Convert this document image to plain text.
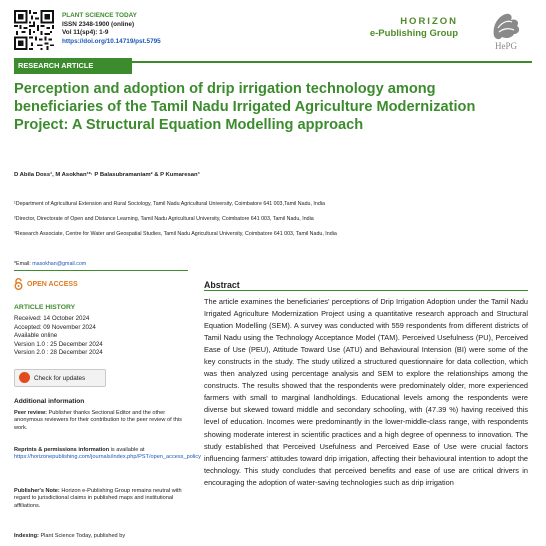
PLANT SCIENCE TODAY
ISSN 2348-1900 (online)
Vol 11(sp4): 1-9
https://doi.org/10.14719/pst.5795
HORIZON
e-Publishing Group
HePG
RESEARCH ARTICLE
Perception and adoption of drip irrigation technology among beneficiaries of the Tamil Nadu Irrigated Agriculture Modernization Project: A Structural Equation Modelling approach
D Abila Doss¹, M Asokhan¹*· P Balasubramaniam² & P Kumaresan³
¹Department of Agricultural Extension and Rural Sociology, Tamil Nadu Agricultural University, Coimbatore 641 003,Tamil Nadu, India
²Director, Directorate of Open and Distance Learning, Tamil Nadu Agricultural University, Coimbatore 641 003, Tamil Nadu, India
³Research Associate, Centre for Water and Geospatial Studies, Tamil Nadu Agricultural University, Coimbatore 641 003, Tamil Nadu, India
*Email: masokhan@gmail.com
OPEN ACCESS
ARTICLE HISTORY
Received: 14 October 2024
Accepted: 09 November 2024
Available online
Version 1.0 : 25 December 2024
Version 2.0 : 28 December 2024
Check for updates
Additional information
Peer review: Publisher thanks Sectional Editor and the other anonymous reviewers for their contribution to the peer review of this work.
Reprints & permissions information is available at https://horizonepublishing.com/journals/index.php/PST/open_access_policy
Publisher's Note: Horizon e-Publishing Group remains neutral with regard to jurisdictional claims in published maps and institutional affiliations.
Indexing: Plant Science Today, published by
Abstract

The article examines the beneficiaries' perceptions of Drip Irrigation Adoption under the Tamil Nadu Irrigated Agriculture Modernization Project using a quantitative research approach and Structural Equation Modelling (SEM). A survey was conducted with 559 respondents from different districts of Tamil Nadu using the Technology Acceptance Model (TAM). Perceived Usefulness (PU), Perceived Ease of Use (PEU), Attitude Toward Use (ATU) and Behavioural Intension (BI) were some of the key constructs in the study. The study utilized a structured questionnaire for data collection, which was then analyzed using percentage analysis and SEM to explore the relationships among the constructs. The results showed that the respondents were predominately older, more experienced farmers with small to marginal landholdings. Educational levels among the respondents were diverse but skewed toward middle and secondary schooling, with (47.39 %) having received this level of education. Incomes were predominantly in the lower-middle-class range, with respondents showing moderate interest in scientific practices and a high degree of openness to innovation. The study established that Perceived Usefulness and Perceived Ease of Use were crucial factors influencing farmers' attitudes toward drip irrigation, affecting their behavioural intention to adopt the technology. This study concludes that perceived benefits and ease of use are critical drivers in encouraging the adoption of water-saving technologies such as drip irrigation
